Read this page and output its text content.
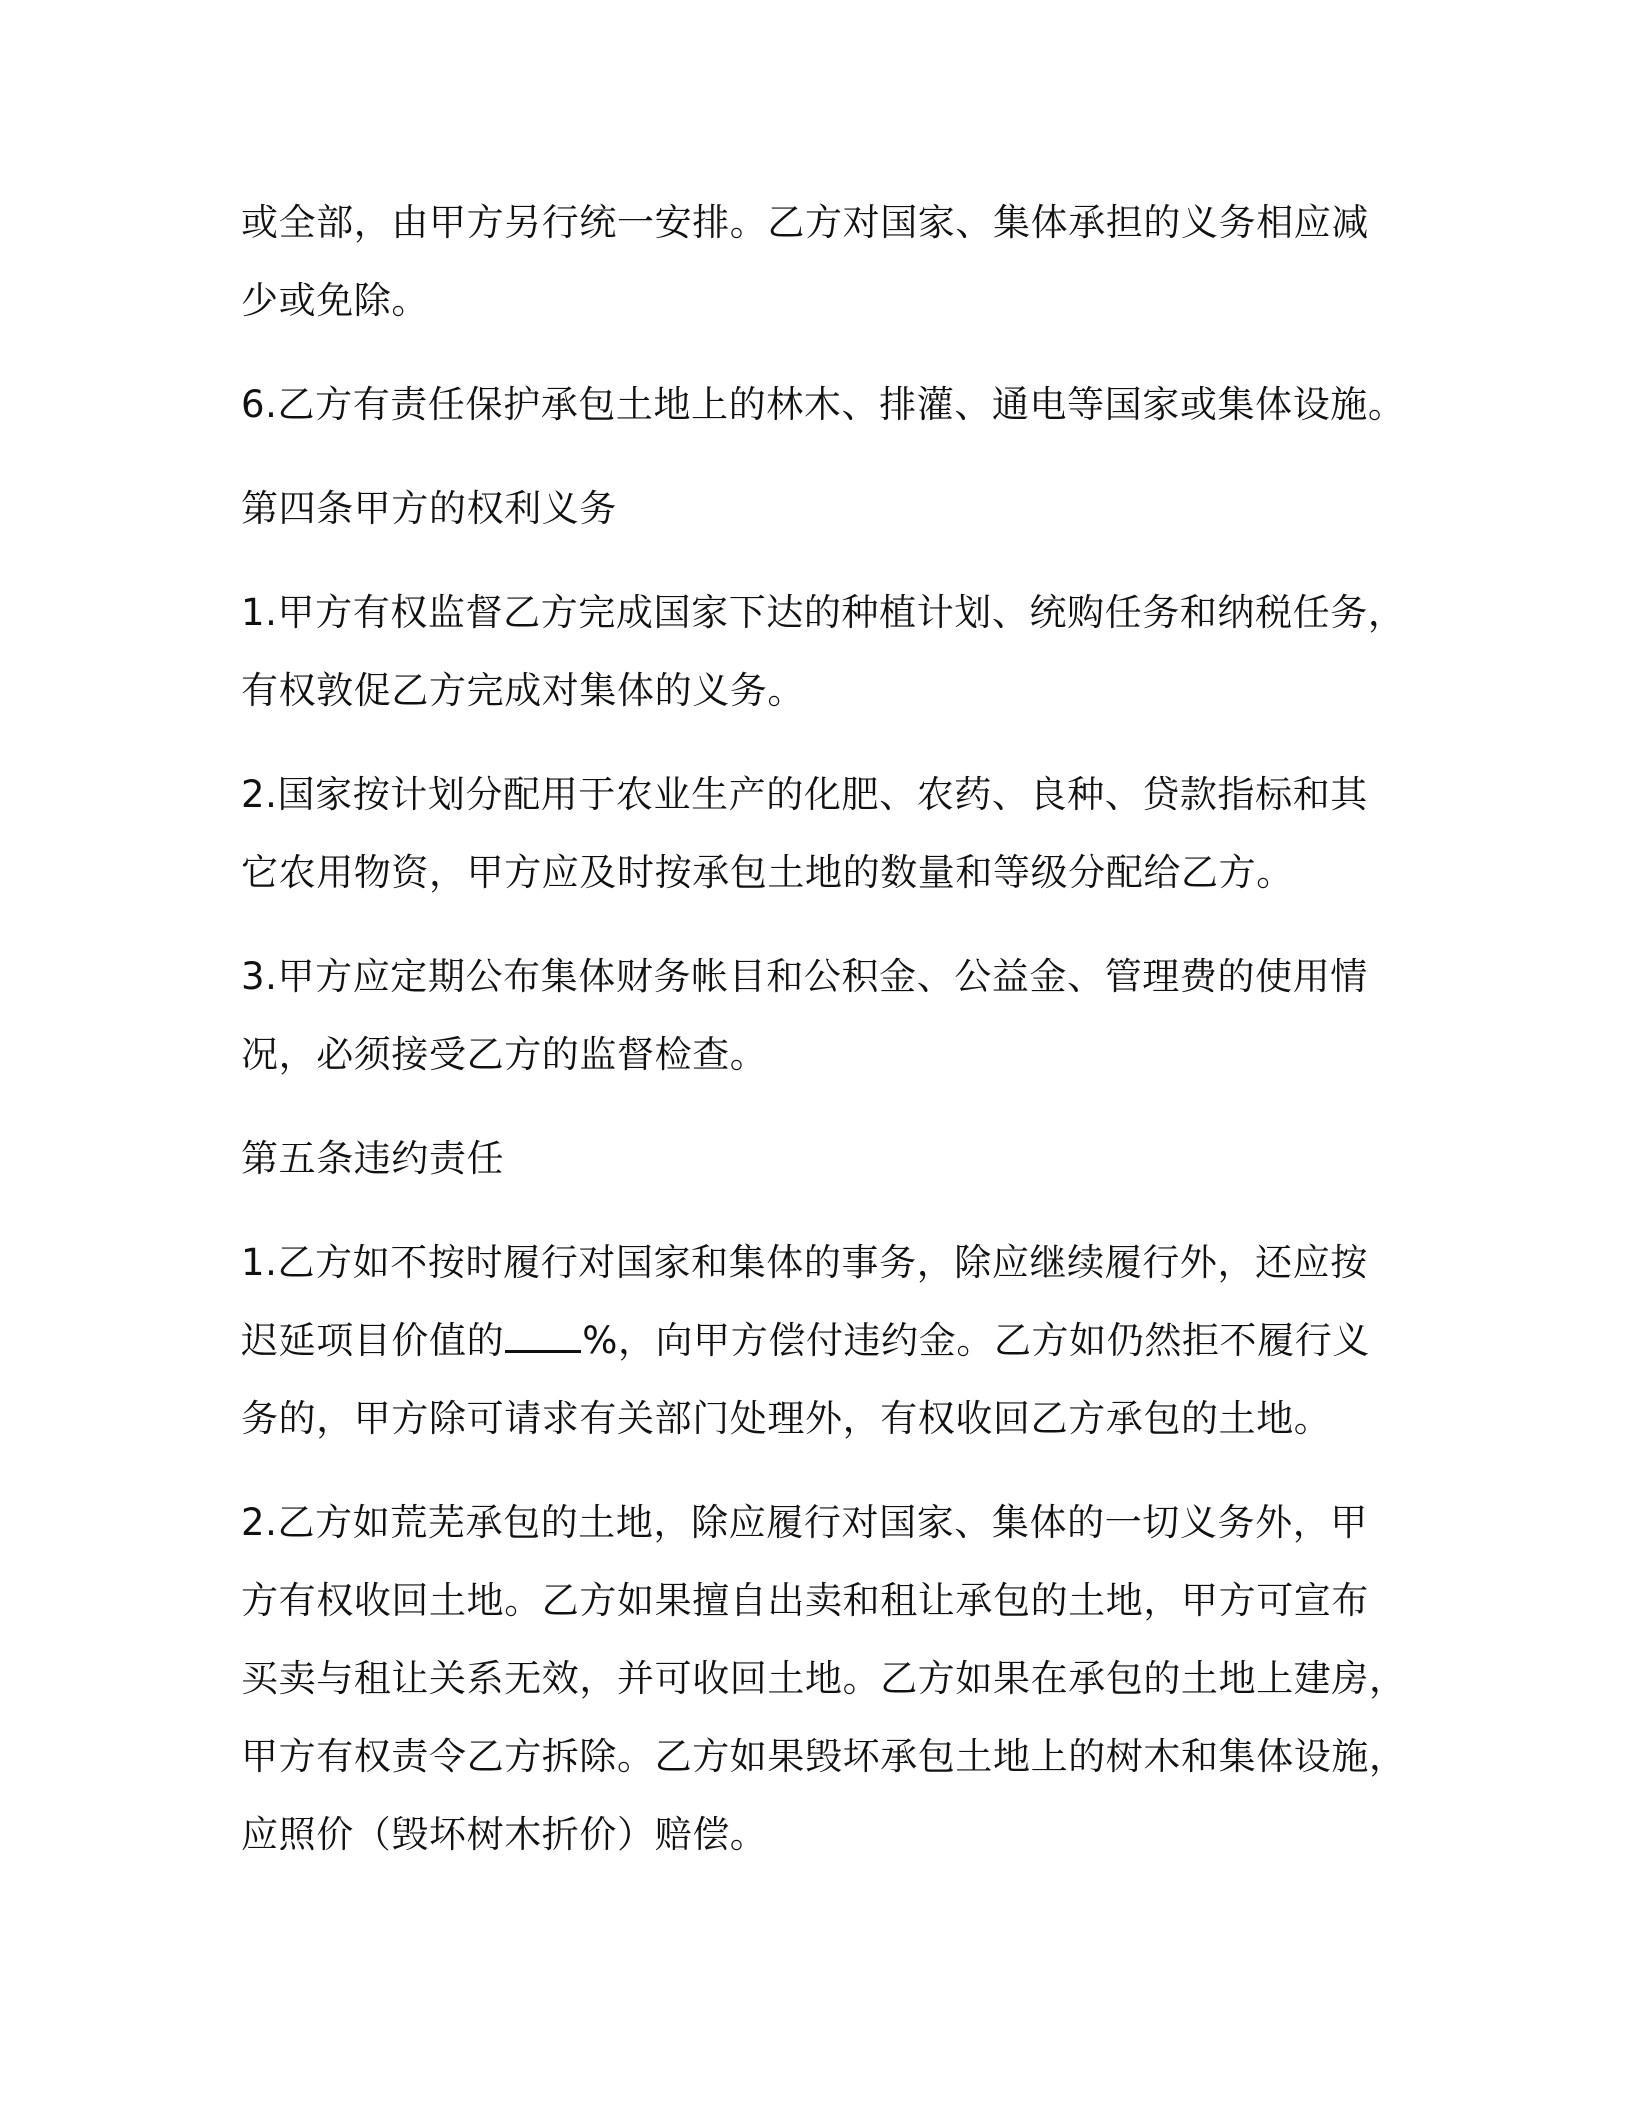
或全部，由甲方另行统一安排。乙方对国家、集体承担的义务相应减
少或免除。

6.乙方有责任保护承包土地上的林木、排灌、通电等国家或集体设施。

第四条甲方的权利义务

1.甲方有权监督乙方完成国家下达的种植计划、统购任务和纳税任务，
有权敦促乙方完成对集体的义务。

2.国家按计划分配用于农业生产的化肥、农药、良种、贷款指标和其
它农用物资，甲方应及时按承包土地的数量和等级分配给乙方。

3.甲方应定期公布集体财务帐目和公积金、公益金、管理费的使用情
况，必须接受乙方的监督检查。

第五条违约责任

1.乙方如不按时履行对国家和集体的事务，除应继续履行外，还应按
迟延项目价值的 %，向甲方偿付违约金。乙方如仍然拒不履行义
务的，甲方除可请求有关部门处理外，有权收回乙方承包的土地。

2.乙方如荒芜承包的土地，除应履行对国家、集体的一切义务外，甲
方有权收回土地。乙方如果擅自出卖和租让承包的土地，甲方可宣布
买卖与租让关系无效，并可收回土地。乙方如果在承包的土地上建房，
甲方有权责令乙方拆除。乙方如果毁坏承包土地上的树木和集体设施，
应照价（毁坏树木折价）赔偿。
